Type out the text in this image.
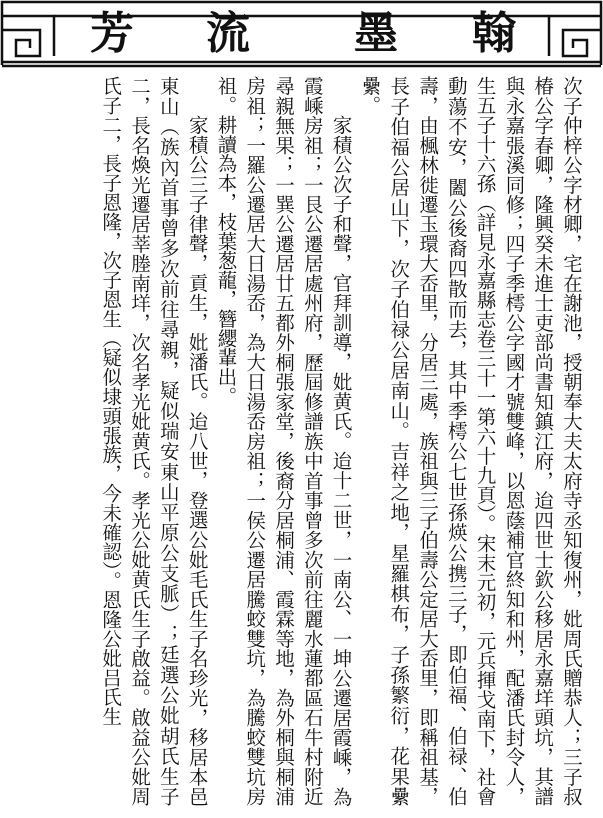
芳 流 墨 翰

次子仲梓公字材卿，宅在謝池，授朝奉大夫太府寺丞知復州，妣周氏贈恭人；三子叔椿公字春卿，隆興癸未進士吏部尚書知鎮江府，迨四世士欽公移居永嘉垟頭坑，其譜與永嘉張溪同修；四子季樗公字國才號雙峰，以恩蔭補官終知和州，配潘氏封令人，生五子十六孫（詳見永嘉縣志卷三十一第六十九頁）。宋末元初，元兵揮戈南下，社會動蕩不安，闔公後裔四散而去，其中季樗公七世孫煐公携三子，即伯福、伯禄、伯壽，由楓林徙遷玉環大岙里，分居三處，族祖與三子伯壽公定居大岙里，即稱祖基，長子伯福公居山下，次子伯禄公居南山。吉祥之地，星羅棋布，子孫繁衍，花果纍纍。

家積公次子和聲，官拜訓導，妣黄氏。迨十二世，一南公、一坤公遷居霞嵊，為霞嵊房祖；一艮公遷居處州府，歷屆修譜族中首事曾多次前往麗水蓮都區石牛村附近尋親無果；一巽公遷居廿五都外桐張家堂，後裔分居桐浦、霞霖等地，為外桐與桐浦房祖；一羅公遷居大日湯岙，為大日湯岙房祖；一侯公遷居騰蛟雙坑，為騰蛟雙坑房祖。耕讀為本，枝葉葱蘢，簪纓輩出。

家積公三子律聲，貢生，妣潘氏。迨八世，登選公妣毛氏生子名珍光，移居本邑東山（族內首事曾多次前往尋親，疑似瑞安東山平原公支脈）；廷選公妣胡氏生子二，長名煥光遷居莘塍南垟，次名孝光妣黄氏。孝光公妣黄氏生子啟益。啟益公妣周氏子二，長子恩隆，次子恩生（疑似埭頭張族，今未確認）。恩隆公妣吕氏生
